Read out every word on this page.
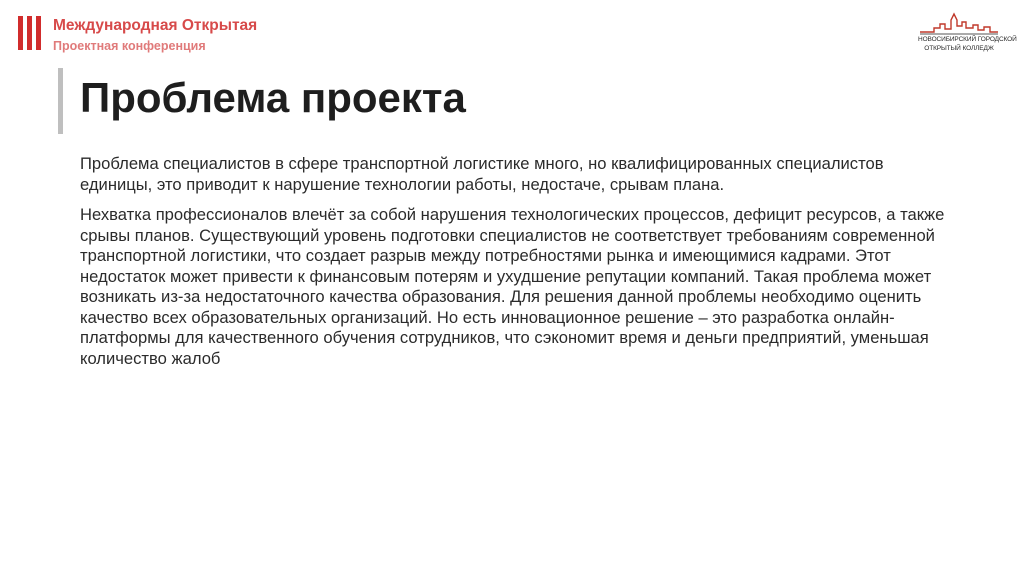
Международная Открытая
Проектная конференция	НОВОСИБИРСКИЙ ГОРОДСКОЙ
ОТКРЫТЫЙ КОЛЛЕДЖ
Проблема проекта

Проблема специалистов в сфере транспортной логистике много, но квалифицированных специалистов единицы, это приводит к нарушение технологии работы, недостаче, срывам плана.

Нехватка профессионалов влечёт за собой нарушения технологических процессов, дефицит ресурсов, а также срывы планов. Существующий уровень подготовки специалистов не соответствует требованиям современной транспортной логистики, что создает разрыв между потребностями рынка и имеющимися кадрами. Этот недостаток может привести к финансовым потерям и ухудшение репутации компаний. Такая проблема может возникать из-за недостаточного качества образования. Для решения данной проблемы необходимо оценить качество всех образовательных организаций. Но есть инновационное решение – это разработка онлайн-платформы для качественного обучения сотрудников, что сэкономит время и деньги предприятий, уменьшая количество жалоб
